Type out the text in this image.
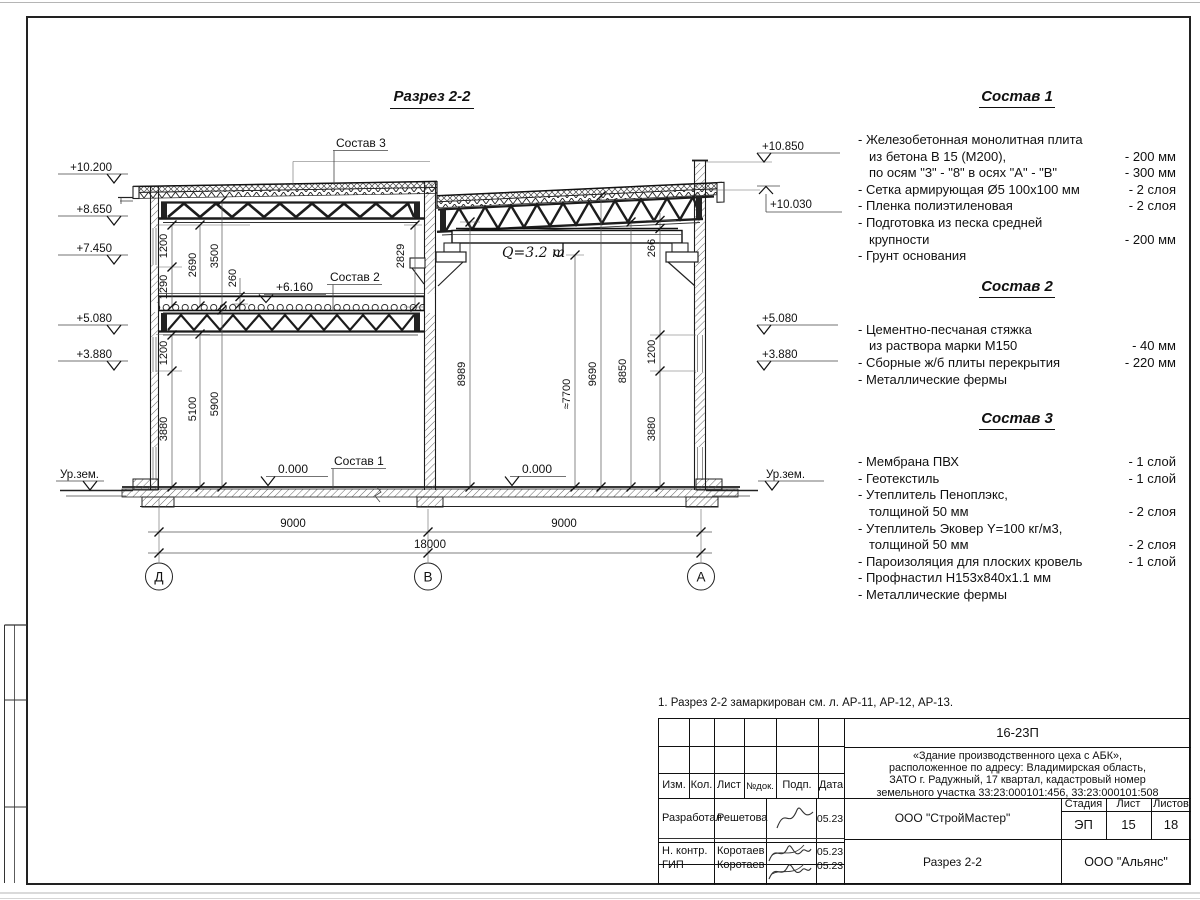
Q=3.2 т
1200
1290
2690 3500
260
2829
1200
3880
5100 5900
8989
≈7700
9690 8850
266
1200
3880
9000	9000
18000
Д	В	А
+10.200
+8.650
+7.450
+5.080
+3.880
Ур.зем.
+10.850
+10.030
+5.080
+3.880
Ур.зем.
Состав 3
Состав 2
Состав 1
0.000	0.000
+6.160
Разрез 2-2	Состав 1
- Железобетонная монолитная плита
из бетона В 15 (М200),	- 200 мм
по осям "3" - "8" в осях "А" - "В"	- 300 мм
- Сетка армирующая Ø5 100х100 мм	- 2 слоя
- Пленка полиэтиленовая	- 2 слоя
- Подготовка из песка средней
крупности	- 200 мм
- Грунт основания
Состав 2
- Цементно-песчаная стяжка
из раствора марки М150	- 40 мм
- Сборные ж/б плиты перекрытия	- 220 мм
- Металлические фермы
Состав 3
- Мембрана ПВХ	- 1 слой
- Геотекстиль	- 1 слой
- Утеплитель Пеноплэкс,
толщиной 50 мм	- 2 слоя
- Утеплитель Эковер Y=100 кг/м3,
толщиной 50 мм	- 2 слоя
- Пароизоляция для плоских кровель	- 1 слой
- Профнастил Н153х840х1.1 мм
- Металлические фермы
1. Разрез 2-2 замаркирован см. л. АР-11, АР-12, АР-13.
16-23П
«Здание производственного цеха с АБК»,
расположенное по адресу: Владимирская область,
ЗАТО г. Радужный, 17 квартал, кадастровый номер
земельного участка 33:23:000101:456, 33:23:000101:508
Изм. Кол. Лист №док. Подп. Дата
Разработал
Решетова	05.23
Н. контр. Коротаев	05.23
ГИП	Коротаев	05.23
ООО "СтройМастер"
Разрез 2-2	ООО "Альянс"
Стадия	Лист	Листов
ЭП	15	18
